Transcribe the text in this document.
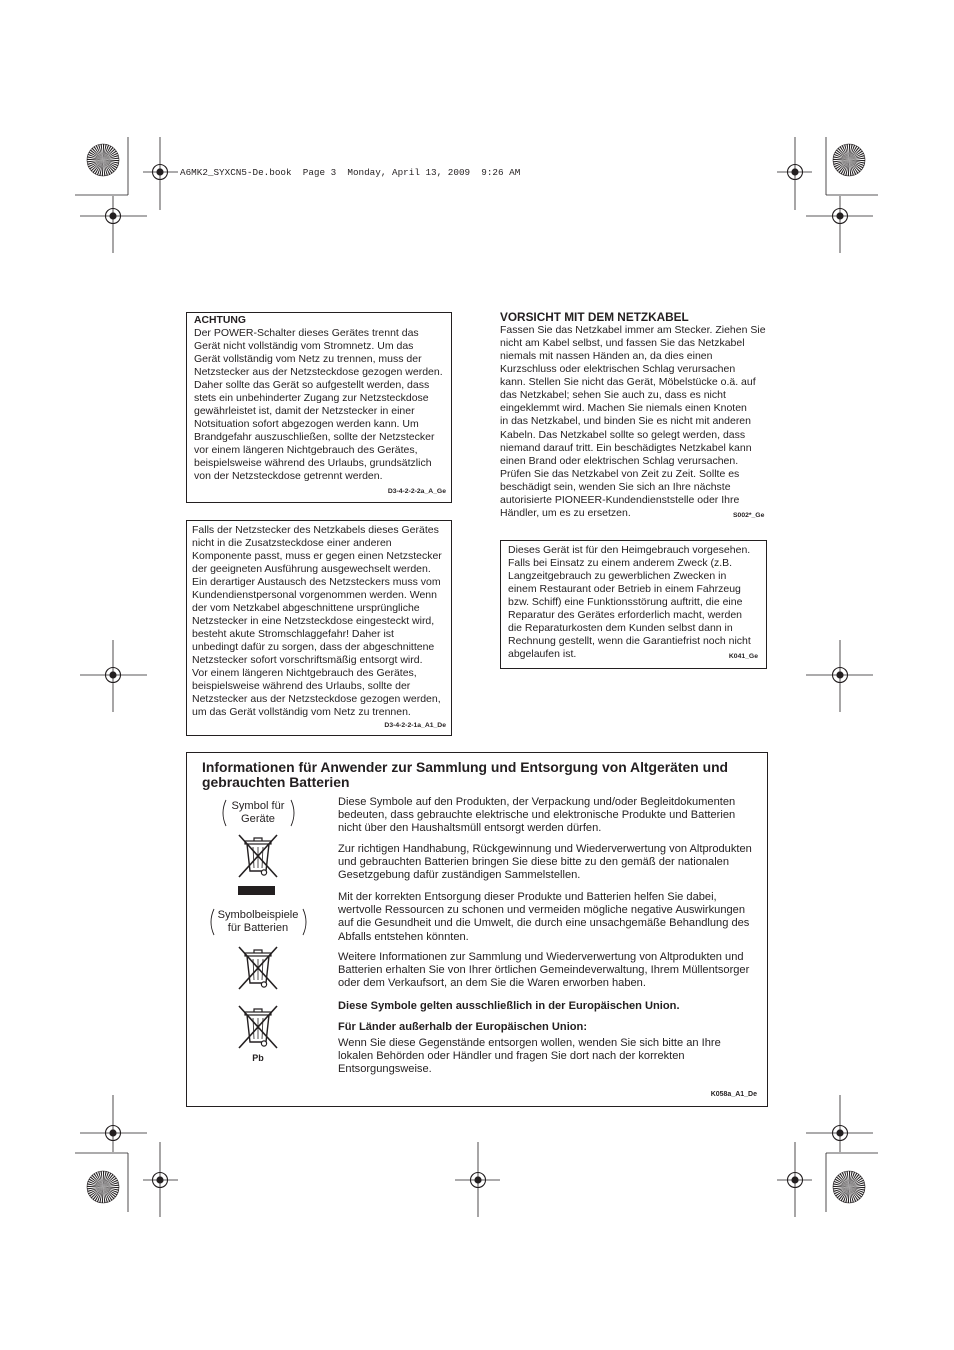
A6MK2_SYXCN5-De.book  Page 3  Monday, April 13, 2009  9:26 AM
ACHTUNG
Der POWER-Schalter dieses Gerätes trennt das
Gerät nicht vollständig vom Stromnetz. Um das
Gerät vollständig vom Netz zu trennen, muss der
Netzstecker aus der Netzsteckdose gezogen werden.
Daher sollte das Gerät so aufgestellt werden, dass
stets ein unbehinderter Zugang zur Netzsteckdose
gewährleistet ist, damit der Netzstecker in einer
Notsituation sofort abgezogen werden kann. Um
Brandgefahr auszuschließen, sollte der Netzstecker
vor einem längeren Nichtgebrauch des Gerätes,
beispielsweise während des Urlaubs, grundsätzlich
von der Netzsteckdose getrennt werden.
D3-4-2-2-2a_A_Ge
Falls der Netzstecker des Netzkabels dieses Gerätes
nicht in die Zusatzsteckdose einer anderen
Komponente passt, muss er gegen einen Netzstecker
der geeigneten Ausführung ausgewechselt werden.
Ein derartiger Austausch des Netzsteckers muss vom
Kundendienstpersonal vorgenommen werden. Wenn
der vom Netzkabel abgeschnittene ursprüngliche
Netzstecker in eine Netzsteckdose eingesteckt wird,
besteht akute Stromschlaggefahr! Daher ist
unbedingt dafür zu sorgen, dass der abgeschnittene
Netzstecker sofort vorschriftsmäßig entsorgt wird.
Vor einem längeren Nichtgebrauch des Gerätes,
beispielsweise während des Urlaubs, sollte der
Netzstecker aus der Netzsteckdose gezogen werden,
um das Gerät vollständig vom Netz zu trennen.
D3-4-2-2-1a_A1_De
VORSICHT MIT DEM NETZKABEL
Fassen Sie das Netzkabel immer am Stecker. Ziehen Sie
nicht am Kabel selbst, und fassen Sie das Netzkabel
niemals mit nassen Händen an, da dies einen
Kurzschluss oder elektrischen Schlag verursachen
kann. Stellen Sie nicht das Gerät, Möbelstücke o.ä. auf
das Netzkabel; sehen Sie auch zu, dass es nicht
eingeklemmt wird. Machen Sie niemals einen Knoten
in das Netzkabel, und binden Sie es nicht mit anderen
Kabeln. Das Netzkabel sollte so gelegt werden, dass
niemand darauf tritt. Ein beschädigtes Netzkabel kann
einen Brand oder elektrischen Schlag verursachen.
Prüfen Sie das Netzkabel von Zeit zu Zeit. Sollte es
beschädigt sein, wenden Sie sich an Ihre nächste
autorisierte PIONEER-Kundendienststelle oder Ihre
Händler, um es zu ersetzen.	S002*_Ge
Dieses Gerät ist für den Heimgebrauch vorgesehen.
Falls bei Einsatz zu einem anderem Zweck (z.B.
Langzeitgebrauch zu gewerblichen Zwecken in
einem Restaurant oder Betrieb in einem Fahrzeug
bzw. Schiff) eine Funktionsstörung auftritt, die eine
Reparatur des Gerätes erforderlich macht, werden
die Reparaturkosten dem Kunden selbst dann in
Rechnung gestellt, wenn die Garantiefrist noch nicht
abgelaufen ist.	K041_Ge
Informationen für Anwender zur Sammlung und Entsorgung von Altgeräten und
gebrauchten Batterien
Symbol für
Geräte
Symbolbeispiele
für Batterien
Pb
Diese Symbole auf den Produkten, der Verpackung und/oder Begleitdokumenten
bedeuten, dass gebrauchte elektrische und elektronische Produkte und Batterien
nicht über den Haushaltsmüll entsorgt werden dürfen.
Zur richtigen Handhabung, Rückgewinnung und Wiederverwertung von Altprodukten
und gebrauchten Batterien bringen Sie diese bitte zu den gemäß der nationalen
Gesetzgebung dafür zuständigen Sammelstellen.
Mit der korrekten Entsorgung dieser Produkte und Batterien helfen Sie dabei,
wertvolle Ressourcen zu schonen und vermeiden mögliche negative Auswirkungen
auf die Gesundheit und die Umwelt, die durch eine unsachgemäße Behandlung des
Abfalls entstehen könnten.
Weitere Informationen zur Sammlung und Wiederverwertung von Altprodukten und
Batterien erhalten Sie von Ihrer örtlichen Gemeindeverwaltung, Ihrem Müllentsorger
oder dem Verkaufsort, an dem Sie die Waren erworben haben.
Diese Symbole gelten ausschließlich in der Europäischen Union.
Für Länder außerhalb der Europäischen Union:
Wenn Sie diese Gegenstände entsorgen wollen, wenden Sie sich bitte an Ihre
lokalen Behörden oder Händler und fragen Sie dort nach der korrekten
Entsorgungsweise.
K058a_A1_De
